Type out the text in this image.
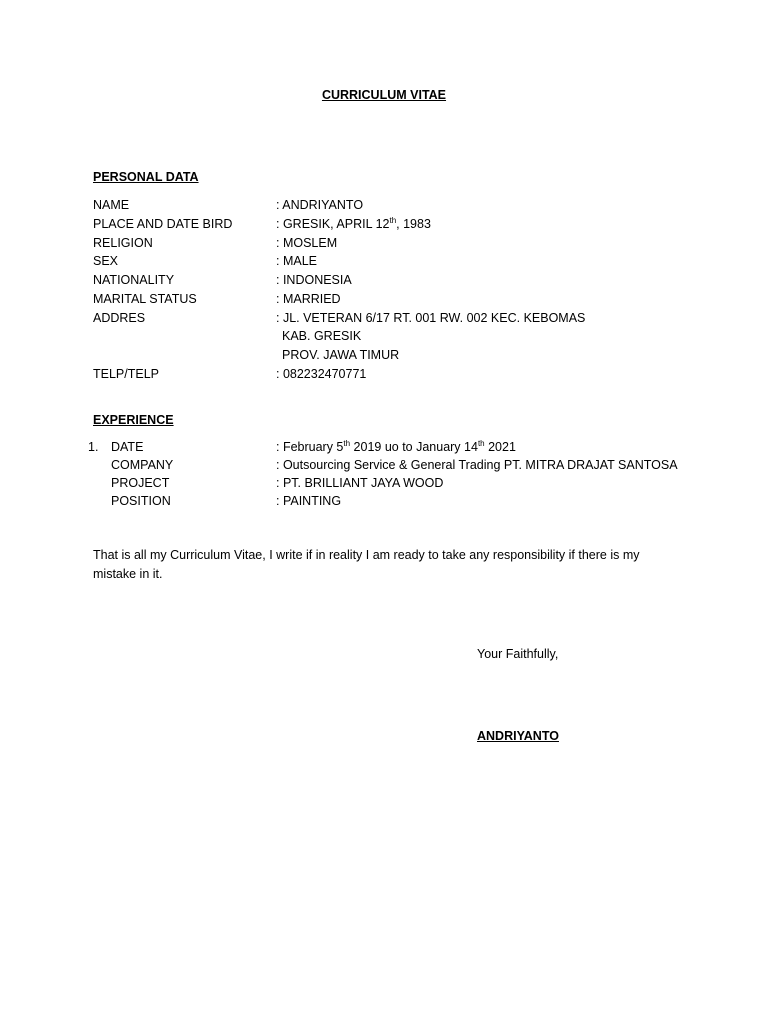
CURRICULUM VITAE
PERSONAL DATA
NAME	: ANDRIYANTO
PLACE AND DATE BIRD	: GRESIK, APRIL 12th, 1983
RELIGION	: MOSLEM
SEX	: MALE
NATIONALITY	: INDONESIA
MARITAL STATUS	: MARRIED
ADDRES	: JL. VETERAN 6/17 RT. 001 RW. 002 KEC. KEBOMAS
KAB. GRESIK
PROV. JAWA TIMUR
TELP/TELP	: 082232470771
EXPERIENCE
1. DATE	: February 5th 2019 uo to January 14th 2021
COMPANY	: Outsourcing Service & General Trading PT. MITRA DRAJAT SANTOSA
PROJECT	: PT. BRILLIANT JAYA WOOD
POSITION	: PAINTING
That is all my Curriculum Vitae, I write if in reality I am ready to take any responsibility if there is my mistake in it.
Your Faithfully,
ANDRIYANTO
